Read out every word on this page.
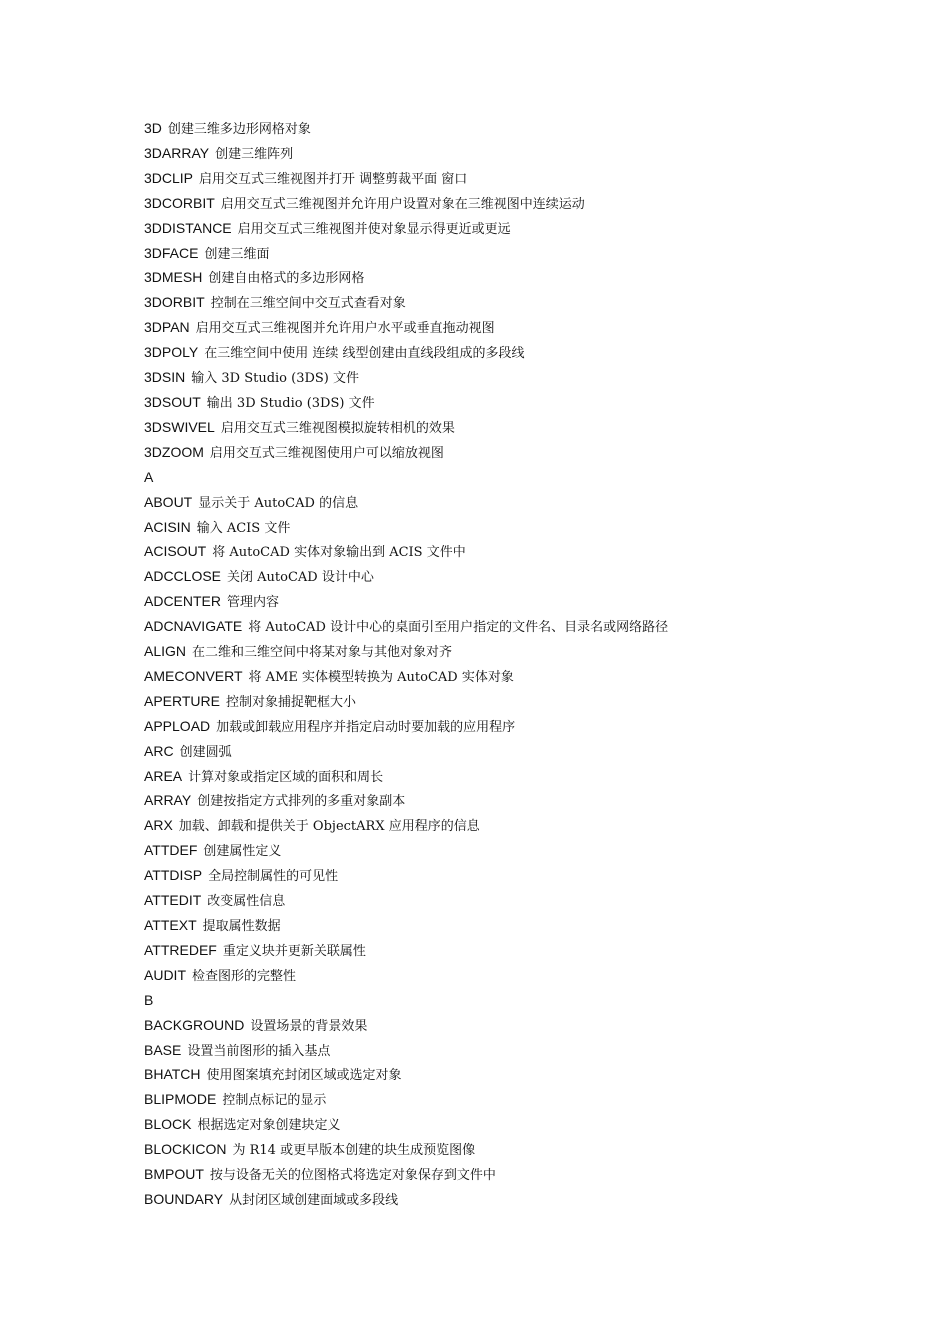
3D 创建三维多边形网格对象
3DARRAY 创建三维阵列
3DCLIP 启用交互式三维视图并打开 调整剪裁平面 窗口
3DCORBIT 启用交互式三维视图并允许用户设置对象在三维视图中连续运动
3DDISTANCE 启用交互式三维视图并使对象显示得更近或更远
3DFACE 创建三维面
3DMESH 创建自由格式的多边形网格
3DORBIT 控制在三维空间中交互式查看对象
3DPAN 启用交互式三维视图并允许用户水平或垂直拖动视图
3DPOLY 在三维空间中使用 连续 线型创建由直线段组成的多段线
3DSIN 输入 3D Studio (3DS) 文件
3DSOUT 输出 3D Studio (3DS) 文件
3DSWIVEL 启用交互式三维视图模拟旋转相机的效果
3DZOOM 启用交互式三维视图使用户可以缩放视图
A
ABOUT 显示关于 AutoCAD 的信息
ACISIN 输入 ACIS 文件
ACISOUT 将 AutoCAD 实体对象输出到 ACIS 文件中
ADCCLOSE 关闭 AutoCAD 设计中心
ADCENTER 管理内容
ADCNAVIGATE 将 AutoCAD 设计中心的桌面引至用户指定的文件名、目录名或网络路径
ALIGN 在二维和三维空间中将某对象与其他对象对齐
AMECONVERT 将 AME 实体模型转换为 AutoCAD 实体对象
APERTURE 控制对象捕捉靶框大小
APPLOAD 加载或卸载应用程序并指定启动时要加载的应用程序
ARC 创建圆弧
AREA 计算对象或指定区域的面积和周长
ARRAY 创建按指定方式排列的多重对象副本
ARX 加载、卸载和提供关于 ObjectARX 应用程序的信息
ATTDEF 创建属性定义
ATTDISP 全局控制属性的可见性
ATTEDIT 改变属性信息
ATTEXT 提取属性数据
ATTREDEF 重定义块并更新关联属性
AUDIT 检查图形的完整性
B
BACKGROUND 设置场景的背景效果
BASE 设置当前图形的插入基点
BHATCH 使用图案填充封闭区域或选定对象
BLIPMODE 控制点标记的显示
BLOCK 根据选定对象创建块定义
BLOCKICON 为 R14 或更早版本创建的块生成预览图像
BMPOUT 按与设备无关的位图格式将选定对象保存到文件中
BOUNDARY 从封闭区域创建面域或多段线
